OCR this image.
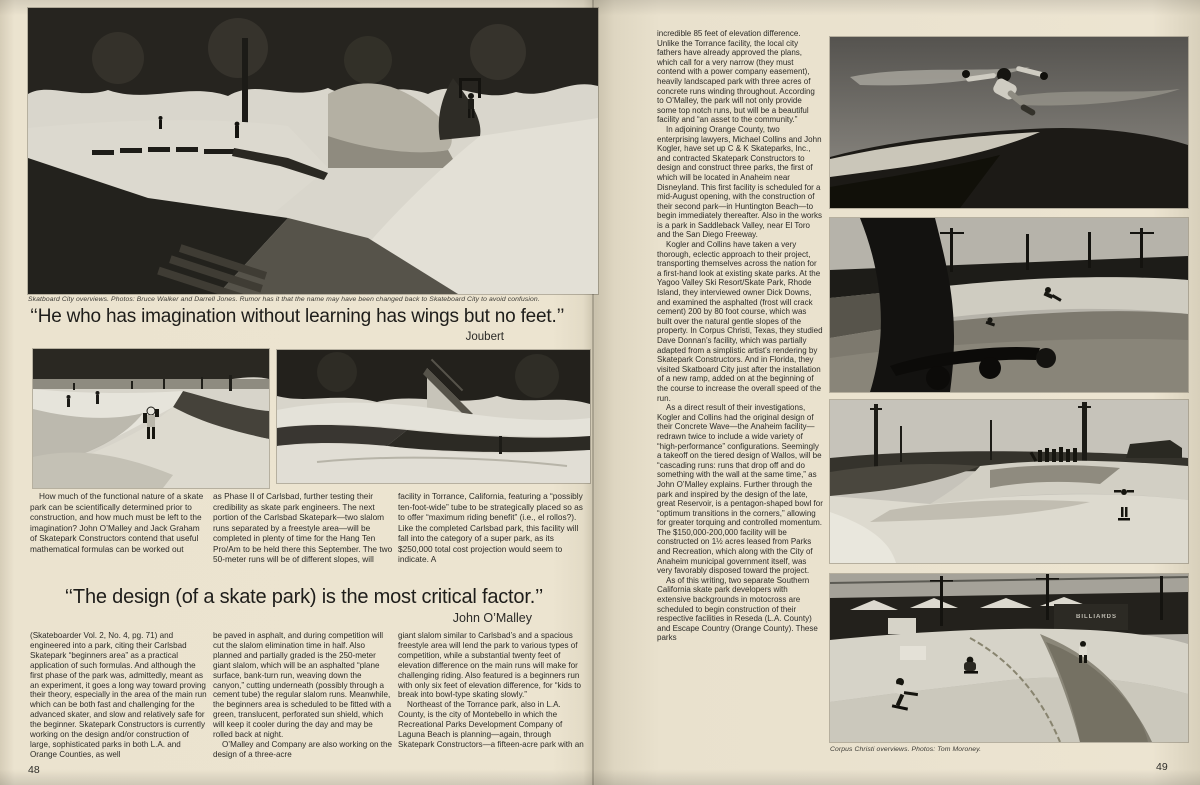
Skatboard City overviews. Photos: Bruce Walker and Darrell Jones. Rumor has it that the name may have been changed back to Skateboard City to avoid confusion.
‘‘He who has imagination without learning has wings but no feet.’’
Joubert

How much of the functional nature of a skate park can be scientifically determined prior to construction, and how much must be left to the imagination? John O’Malley and Jack Graham of Skatepark Constructors contend that useful mathematical formulas can be worked out

as Phase II of Carlsbad, further testing their credibility as skate park engineers. The next portion of the Carlsbad Skatepark—two slalom runs separated by a freestyle area—will be completed in plenty of time for the Hang Ten Pro/Am to be held there this September. The two 50-meter runs will be of different slopes, will

facility in Torrance, California, featuring a “possibly ten-foot-wide” tube to be strategically placed so as to offer “maximum riding benefit” (i.e., el rollos?). Like the completed Carlsbad park, this facility will fall into the category of a super park, as its $250,000 total cost projection would seem to indicate. A

‘‘The design (of a skate park) is the most critical factor.’’
John O’Malley

(Skateboarder Vol. 2, No. 4, pg. 71) and engineered into a park, citing their Carlsbad Skatepark “beginners area” as a practical application of such formulas. And although the first phase of the park was, admittedly, meant as an experiment, it goes a long way toward proving their theory, especially in the area of the main run which can be both fast and challenging for the advanced skater, and slow and relatively safe for the beginner. Skatepark Constructors is currently working on the design and/or construction of large, sophisticated parks in both L.A. and Orange Counties, as well

be paved in asphalt, and during competition will cut the slalom elimination time in half. Also planned and partially graded is the 250-meter giant slalom, which will be an asphalted “plane surface, bank-turn run, weaving down the canyon,” cutting underneath (possibly through a cement tube) the regular slalom runs. Meanwhile, the beginners area is scheduled to be fitted with a green, translucent, perforated sun shield, which will keep it cooler during the day and may be rolled back at night.

O’Malley and Company are also working on the design of a three-acre

giant slalom similar to Carlsbad’s and a spacious freestyle area will lend the park to various types of competition, while a substantial twenty feet of elevation difference on the main runs will make for challenging riding. Also featured is a beginners run with only six feet of elevation difference, for “kids to break into bowl-type skating slowly.”

Northeast of the Torrance park, also in L.A. County, is the city of Montebello in which the Recreational Parks Development Company of Laguna Beach is planning—again, through Skatepark Constructors—a fifteen-acre park with an

48

incredible 85 feet of elevation difference. Unlike the Torrance facility, the local city fathers have already approved the plans, which call for a very narrow (they must contend with a power company easement), heavily landscaped park with three acres of concrete runs winding throughout. According to O’Malley, the park will not only provide some top notch runs, but will be a beautiful facility and “an asset to the community.”

In adjoining Orange County, two enterprising lawyers, Michael Collins and John Kogler, have set up C & K Skateparks, Inc., and contracted Skatepark Constructors to design and construct three parks, the first of which will be located in Anaheim near Disneyland. This first facility is scheduled for a mid-August opening, with the construction of their second park—in Huntington Beach—to begin immediately thereafter. Also in the works is a park in Saddleback Valley, near El Toro and the San Diego Freeway.

Kogler and Collins have taken a very thorough, eclectic approach to their project, transporting themselves across the nation for a first-hand look at existing skate parks. At the Yagoo Valley Ski Resort/Skate Park, Rhode Island, they interviewed owner Dick Downs, and examined the asphalted (frost will crack cement) 200 by 80 foot course, which was built over the natural gentle slopes of the property. In Corpus Christi, Texas, they studied Dave Donnan’s facility, which was partially adapted from a simplistic artist’s rendering by Skatepark Constructors. And in Florida, they visited Skatboard City just after the installation of a new ramp, added on at the beginning of the course to increase the overall speed of the run.

As a direct result of their investigations, Kogler and Collins had the original design of their Concrete Wave—the Anaheim facility—redrawn twice to include a wide variety of “high-performance” configurations. Seemingly a takeoff on the tiered design of Wallos, will be “cascading runs: runs that drop off and do something with the wall at the same time,” as John O’Malley explains. Further through the park and inspired by the design of the late, great Reservoir, is a pentagon-shaped bowl for “optimum transitions in the corners,” allowing for greater torquing and controlled momentum. The $150,000-200,000 facility will be constructed on 1½ acres leased from Parks and Recreation, which along with the City of Anaheim municipal government itself, was very favorably disposed toward the project.

As of this writing, two separate Southern California skate park developers with extensive backgrounds in motocross are scheduled to begin construction of their respective facilities in Reseda (L.A. County) and Escape Country (Orange County). These parks

BILLIARDS
Corpus Christi overviews. Photos: Tom Moroney.
49
